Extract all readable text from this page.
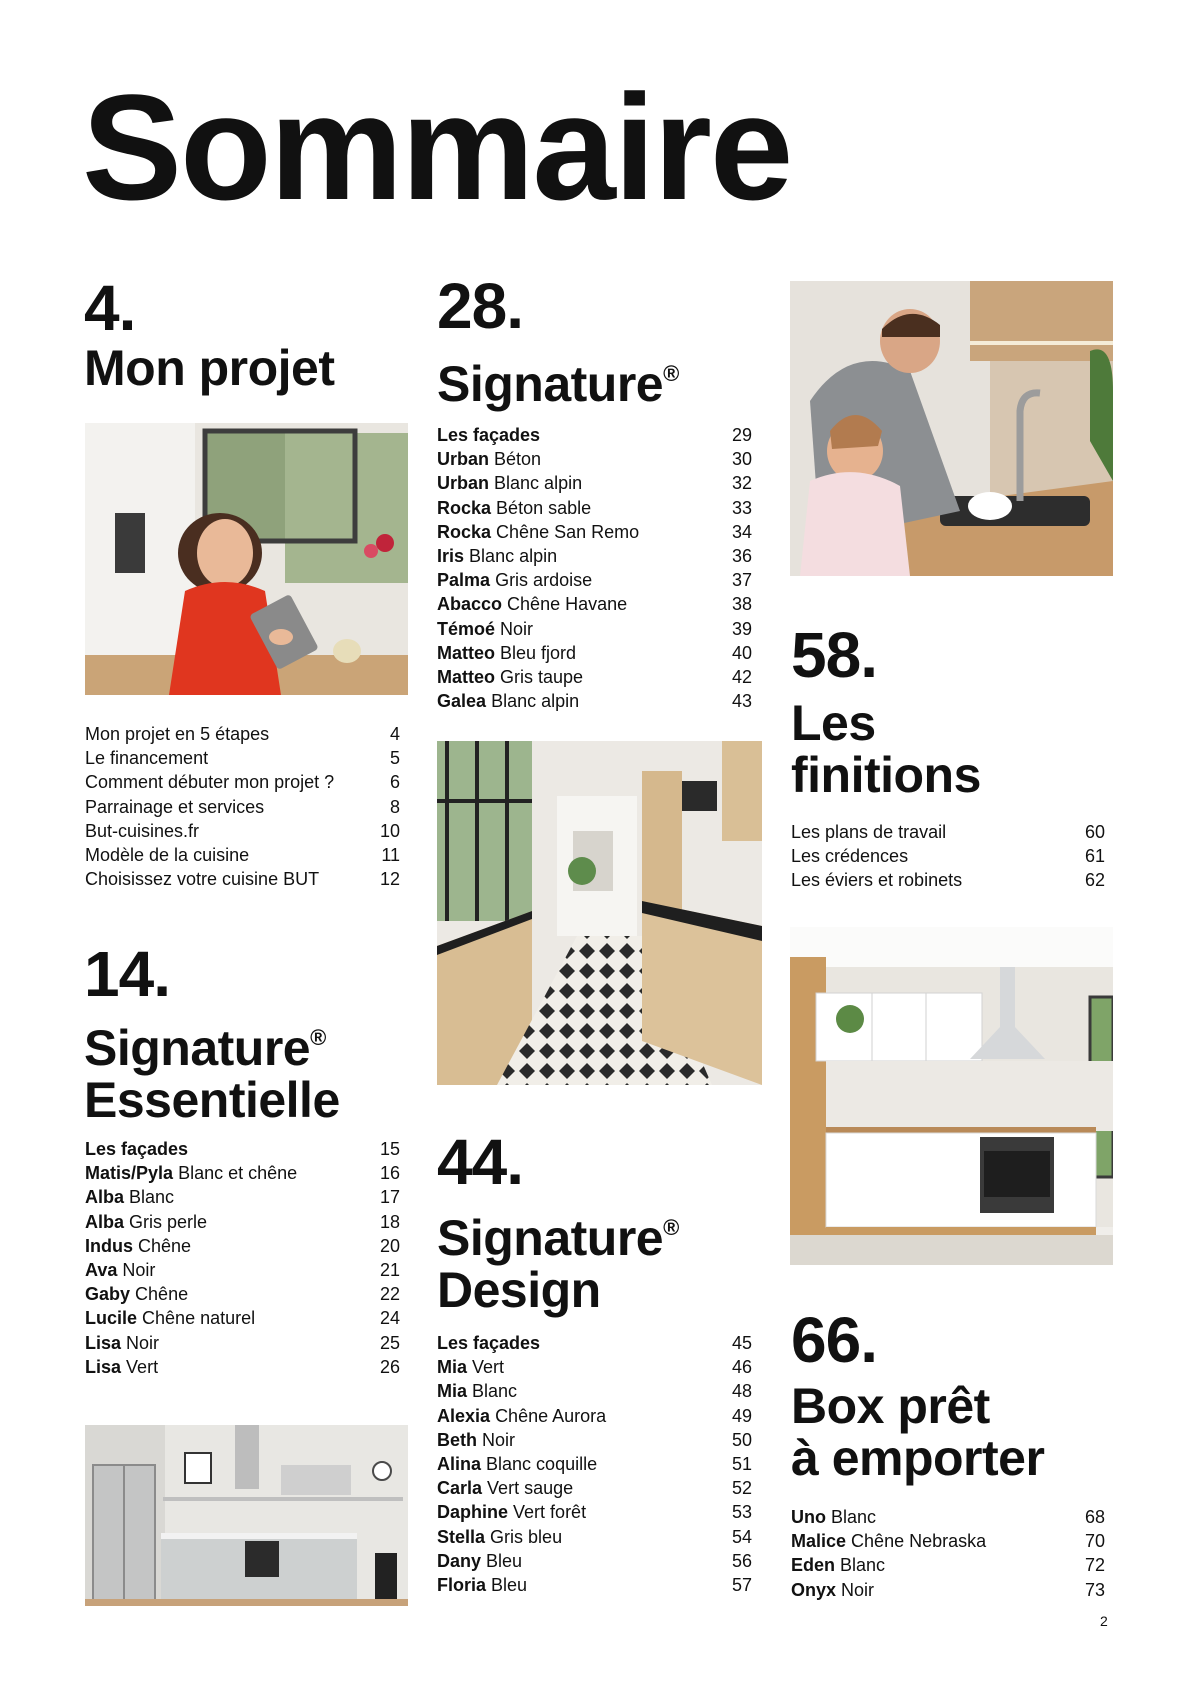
Sommaire
4.
Mon projet
Mon projet en 5 étapes	4
Le financement	5
Comment débuter mon projet ?	6
Parrainage et services	8
But-cuisines.fr	10
Modèle de la cuisine	11
Choisissez votre cuisine BUT	12
14.
Signature®
Essentielle
Les façades	15
Matis/Pyla Blanc et chêne	16
Alba Blanc	17
Alba Gris perle	18
Indus Chêne	20
Ava Noir	21
Gaby Chêne	22
Lucile Chêne naturel	24
Lisa Noir	25
Lisa Vert	26
28.
Signature®
Les façades	29
Urban Béton	30
Urban Blanc alpin	32
Rocka Béton sable	33
Rocka Chêne San Remo	34
Iris Blanc alpin	36
Palma Gris ardoise	37
Abacco Chêne Havane	38
Témoé Noir	39
Matteo Bleu fjord	40
Matteo Gris taupe	42
Galea Blanc alpin	43
44.
Signature®
Design
Les façades	45
Mia Vert	46
Mia Blanc	48
Alexia Chêne Aurora	49
Beth Noir	50
Alina Blanc coquille	51
Carla Vert sauge	52
Daphine Vert forêt	53
Stella Gris bleu	54
Dany Bleu	56
Floria Bleu	57
58.
Les
finitions
Les plans de travail	60
Les crédences	61
Les éviers et robinets	62
66.
Box prêt
à emporter
Uno Blanc	68
Malice Chêne Nebraska	70
Eden Blanc	72
Onyx Noir	73
2
